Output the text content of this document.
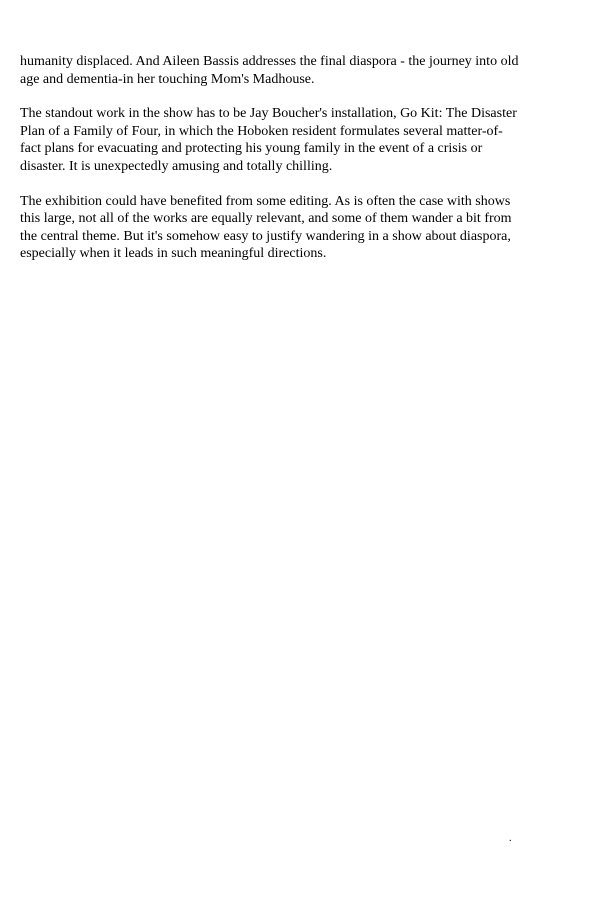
humanity displaced. And Aileen Bassis addresses the final diaspora - the journey into old
age and dementia-in her touching Mom's Madhouse.

The standout work in the show has to be Jay Boucher's installation, Go Kit: The Disaster
Plan of a Family of Four, in which the Hoboken resident formulates several matter-of-
fact plans for evacuating and protecting his young family in the event of a crisis or
disaster. It is unexpectedly amusing and totally chilling.

The exhibition could have benefited from some editing. As is often the case with shows
this large, not all of the works are equally relevant, and some of them wander a bit from
the central theme. But it's somehow easy to justify wandering in a show about diaspora,
especially when it leads in such meaningful directions.

.
